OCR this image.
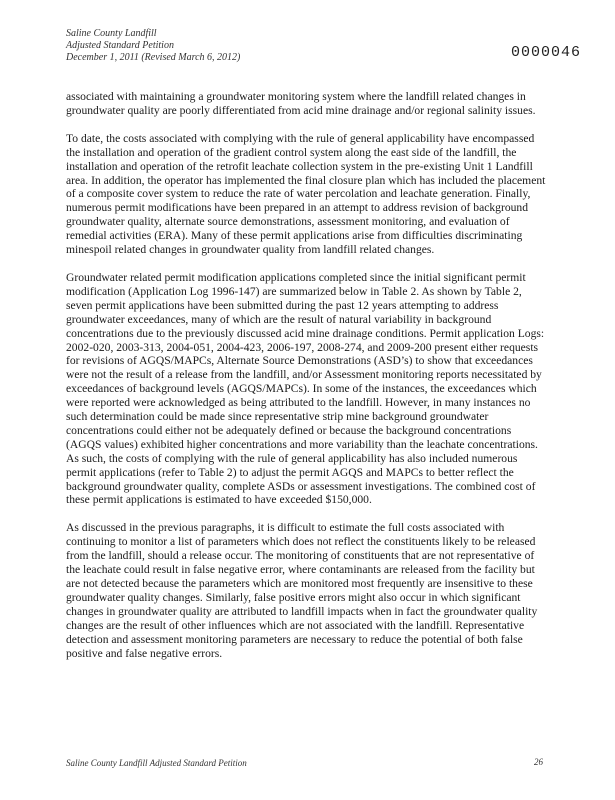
Saline County Landfill
Adjusted Standard Petition
December 1, 2011 (Revised March 6, 2012)	0000046

associated with maintaining a groundwater monitoring system where the landfill related changes in groundwater quality are poorly differentiated from acid mine drainage and/or regional salinity issues.

To date, the costs associated with complying with the rule of general applicability have encompassed the installation and operation of the gradient control system along the east side of the landfill, the installation and operation of the retrofit leachate collection system in the pre-existing Unit 1 Landfill area. In addition, the operator has implemented the final closure plan which has included the placement of a composite cover system to reduce the rate of water percolation and leachate generation. Finally, numerous permit modifications have been prepared in an attempt to address revision of background groundwater quality, alternate source demonstrations, assessment monitoring, and evaluation of remedial activities (ERA). Many of these permit applications arise from difficulties discriminating minespoil related changes in groundwater quality from landfill related changes.

Groundwater related permit modification applications completed since the initial significant permit modification (Application Log 1996-147) are summarized below in Table 2. As shown by Table 2, seven permit applications have been submitted during the past 12 years attempting to address groundwater exceedances, many of which are the result of natural variability in background concentrations due to the previously discussed acid mine drainage conditions. Permit application Logs: 2002-020, 2003-313, 2004-051, 2004-423, 2006-197, 2008-274, and 2009-200 present either requests for revisions of AGQS/MAPCs, Alternate Source Demonstrations (ASD’s) to show that exceedances were not the result of a release from the landfill, and/or Assessment monitoring reports necessitated by exceedances of background levels (AGQS/MAPCs). In some of the instances, the exceedances which were reported were acknowledged as being attributed to the landfill. However, in many instances no such determination could be made since representative strip mine background groundwater concentrations could either not be adequately defined or because the background concentrations (AGQS values) exhibited higher concentrations and more variability than the leachate concentrations. As such, the costs of complying with the rule of general applicability has also included numerous permit applications (refer to Table 2) to adjust the permit AGQS and MAPCs to better reflect the background groundwater quality, complete ASDs or assessment investigations. The combined cost of these permit applications is estimated to have exceeded $150,000.

As discussed in the previous paragraphs, it is difficult to estimate the full costs associated with continuing to monitor a list of parameters which does not reflect the constituents likely to be released from the landfill, should a release occur. The monitoring of constituents that are not representative of the leachate could result in false negative error, where contaminants are released from the facility but are not detected because the parameters which are monitored most frequently are insensitive to these groundwater quality changes. Similarly, false positive errors might also occur in which significant changes in groundwater quality are attributed to landfill impacts when in fact the groundwater quality changes are the result of other influences which are not associated with the landfill. Representative detection and assessment monitoring parameters are necessary to reduce the potential of both false positive and false negative errors.

Saline County Landfill Adjusted Standard Petition	26
